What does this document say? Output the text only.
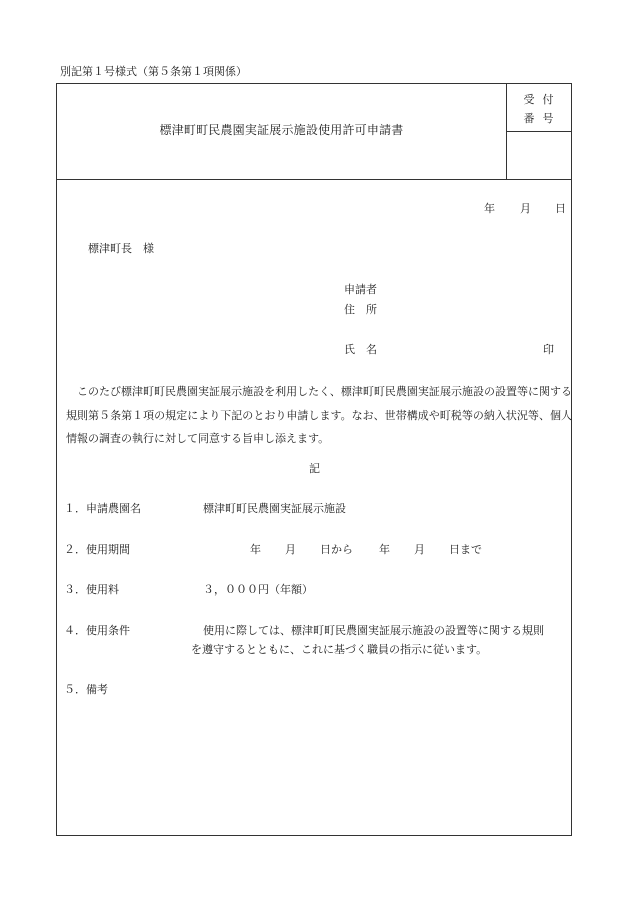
別記第１号様式（第５条第１項関係）
標津町町民農園実証展示施設使用許可申請書
受付
番号
年 月 日
標津町長　様
申請者
住　所
氏　名	印
このたび標津町町民農園実証展示施設を利用したく、標津町町民農園実証展示施設の設置等に関する規則第５条第１項の規定により下記のとおり申請します。なお、世帯構成や町税等の納入状況等、個人情報の調査の執行に対して同意する旨申し添えます。
記
１． 申請農園名	標津町町民農園実証展示施設
２． 使用期間	年 月 日から 年 月 日まで
３． 使用料	３，０００円（年額）
４． 使用条件	使用に際しては、標津町町民農園実証展示施設の設置等に関する規則
を遵守するとともに、これに基づく職員の指示に従います。
５． 備考
